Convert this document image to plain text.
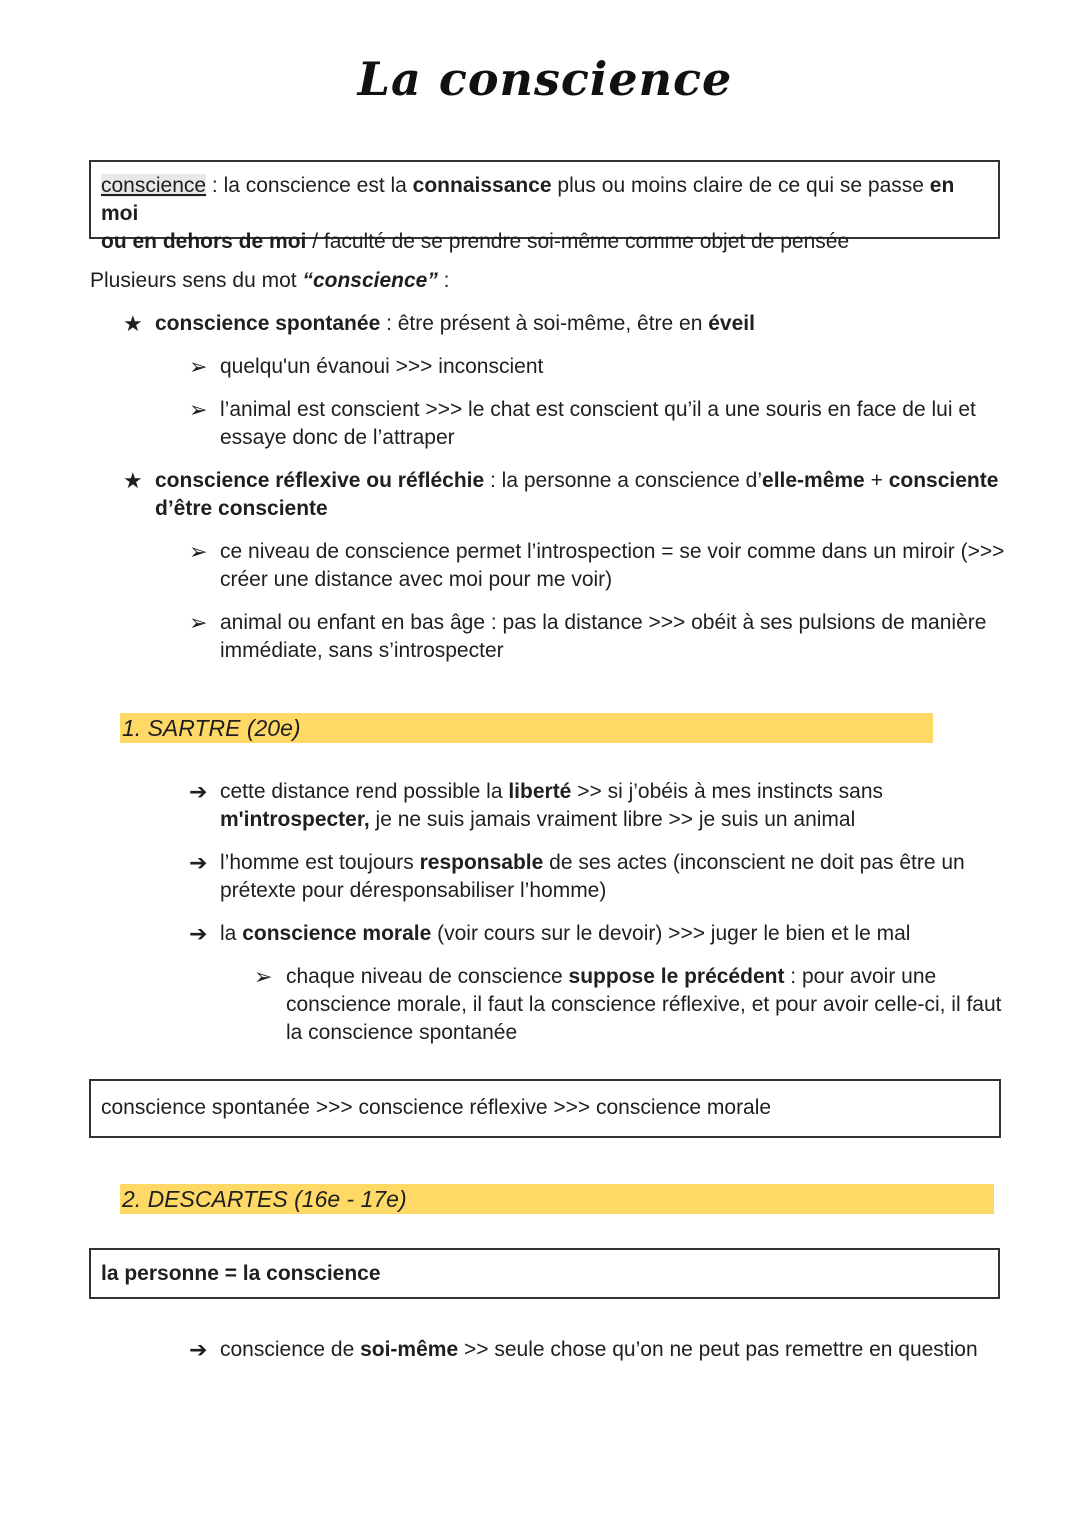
La conscience
conscience : la conscience est la connaissance plus ou moins claire de ce qui se passe en moi
ou en dehors de moi / faculté de se prendre soi-même comme objet de pensée
Plusieurs sens du mot “conscience” :
★ conscience spontanée : être présent à soi-même, être en éveil
➢ quelqu'un évanoui >>> inconscient
➢ l’animal est conscient >>> le chat est conscient qu’il a une souris en face de lui et
essaye donc de l’attraper
★ conscience réflexive ou réfléchie : la personne a conscience d’elle-même + consciente
d’être consciente
➢ ce niveau de conscience permet l’introspection = se voir comme dans un miroir (>>>
créer une distance avec moi pour me voir)
➢ animal ou enfant en bas âge : pas la distance >>> obéit à ses pulsions de manière
immédiate, sans s’introspecter
1. SARTRE (20e)
➔ cette distance rend possible la liberté >> si j’obéis à mes instincts sans
m'introspecter, je ne suis jamais vraiment libre >> je suis un animal
➔ l’homme est toujours responsable de ses actes (inconscient ne doit pas être un
prétexte pour déresponsabiliser l’homme)
➔ la conscience morale (voir cours sur le devoir) >>> juger le bien et le mal
➢ chaque niveau de conscience suppose le précédent : pour avoir une
conscience morale, il faut la conscience réflexive, et pour avoir celle-ci, il faut
la conscience spontanée
conscience spontanée >>> conscience réflexive >>> conscience morale
2. DESCARTES (16e - 17e)
la personne = la conscience
➔ conscience de soi-même >> seule chose qu’on ne peut pas remettre en question
